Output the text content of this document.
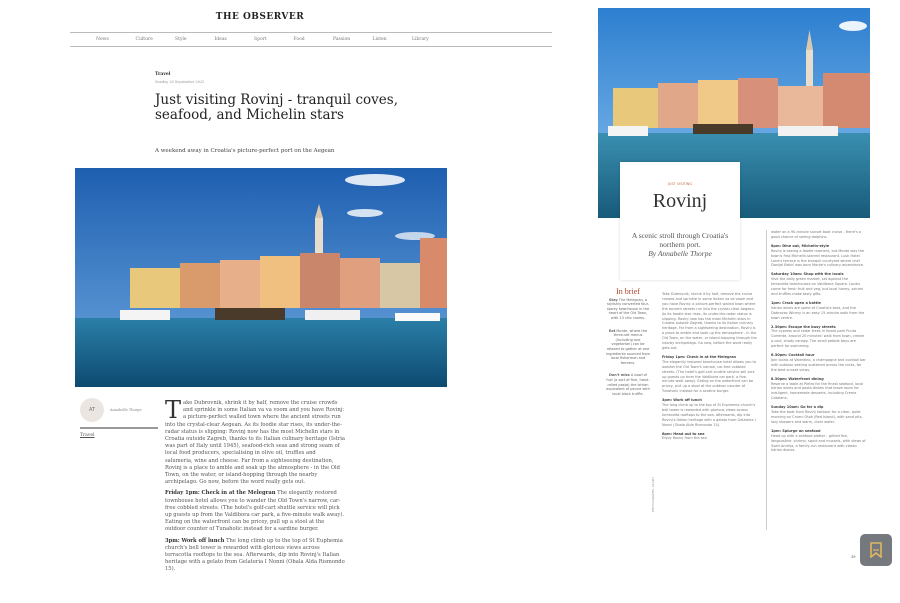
THE OBSERVER
News	Culture	Style	Ideas	Sport	Food	Passion	Listen	Library
Travel
Sunday 28 September 2025
Just visiting Rovinj - tranquil coves, seafood, and Michelin stars
A weekend away in Croatia's picture-perfect port on the Aegean
AT	Annabelle Thorpe
Travel

Take Dubrovnik, shrink it by half, remove the cruise crowds and sprinkle in some Italian va va voom and you have Rovinj: a picture-perfect walled town where the ancient streets run into the crystal-clear Aegean. As its foodie star rises, its under-the-radar status is slipping: Rovinj now has the most Michelin stars in Croatia outside Zagreb, thanks to its Italian culinary heritage (Istria was part of Italy until 1945), seafood-rich seas and strong seam of local food producers, specialising in olive oil, truffles and salumeria, wine and cheese. Far from a sightseeing destination, Rovinj is a place to amble and soak up the atmosphere - in the Old Town, on the water, or island-hopping through the nearby archipelago. Go now, before the word really gets out.

Friday 1pm: Check in at the Melegran The elegantly restored townhouse hotel allows you to wander the Old Town's narrow, car-free cobbled streets. (The hotel's golf-cart shuttle service will pick up guests up from the Valdibora car park, a five-minute walk away). Eating on the waterfront can be pricey, pull up a stool at the outdoor counter of Tunaholic instead for a sardine burger.

3pm: Work off lunch The long climb up to the top of St Euphemia church's bell tower is rewarded with glorious views across terracotta rooftops to the sea. Afterwards, dip into Rovinj's Italian heritage with a gelato from Gelateria I Nonni (Obala Alda Rismondo 15).

JUST VISITING
Rovinj
A scenic stroll through Croatia's northern port.
By Annabelle Thorpe
In brief

Stay The Melegran, a stylishly converted four-storey townhouse in the heart of the Old Town, with 13 chic rooms.

Eat Monte, where the three-set menus (including one vegetarian) can be relaxed to gather at one ingredients sourced from local fishermen and farmers.

Don't miss A bowl of fuži (a sort of fine, hand-rolled pasta) the Istrian equivalent of penne with local black truffle.

Take Dubrovnik, shrink it by half, remove the cruise crowds and sprinkle in some Italian va va voom and you have Rovinj: a picture-perfect walled town where the ancient streets run into the crystal-clear Aegean. As its foodie star rises, its under-the-radar status is slipping. Rovinj now has the most Michelin stars in Croatia outside Zagreb, thanks to its Italian culinary heritage. Far from a sightseeing destination, Rovinj is a place to amble and soak up the atmosphere - in the Old Town, on the water, or island-hopping through the nearby archipelago. Go now, before the word really gets out.

Friday 1pm: Check in at the Melegran
The elegantly restored townhouse hotel allows you to wander the Old Town's narrow, car-free cobbled streets. (The hotel's golf-cart shuttle service will pick up guests up from the Valdibora car park, a five-minute walk away). Eating on the waterfront can be pricey, pull up a stool at the outdoor counter of Tunaholic instead for a sardine burger.

3pm: Work off lunch
The long climb up to the top of St Euphemia church's bell tower is rewarded with glorious views across terracotta rooftops to the sea. Afterwards, dip into Rovinj's Italian heritage with a gelato from Gelateria I Nonni (Obala Alda Rismondo 15).

6pm: Head out to sea
Enjoy Rovinj from the sea

water on a 90-minute sunset boat cruise - there's a good chance of seeing dolphins.

8pm: Dine out, Michelin-style
Rovinj is seeing a foodie moment, but Monte was the town's first Michelin-starred restaurant. Lush Hotel Lone's terrace is the tranquil courtyard where chef Danijel Đekić was born Monte's culinary ascendance.

Saturday 10am: Shop with the locals
Visit the daily green market, set against the terracotta townhouses on Valdibora Square. Locals come for fresh fruit and veg, but local honey, salumi and truffles make tasty gifts.

1pm: Crack open a bottle
Istrian wines are some of Croatia's best, and the Dobravac Winery is an easy 15-minute walk from the town centre.

2.30pm: Escape the busy streets
The cypress and cedar trees in forest park Punta Corrente, around 20 minutes' walk from town, create a cool, shady canopy. The small pebble bays are perfect for swimming.

6.30pm: Cocktail hour
Join locals at Valentino, a champagne and cocktail bar with outdoor seating scattered across the rocks, for the best sunset views.

8.30pm: Waterfront dining
Reserve a table at Pietra for the finest seafood, local Istrian wines and pasta dishes that leave room for indulgent, homemade desserts, including Crema Catalana.

Sunday 10am: Go for a dip
Take the boat from Rovinj harbour for a clear, quiet morning on Crveni Otok (Red Island), with sand pits, lazy showers and warm, clear water.

1pm: Splurge on seafood
Head up with a seafood platter - grilled fish, langoustine, shrimp, squid and mussels, with views of Sveti Andrija, a family-run restaurant with classic Istrian dishes.

PHOTOGRAPHS: ALAMY
39
